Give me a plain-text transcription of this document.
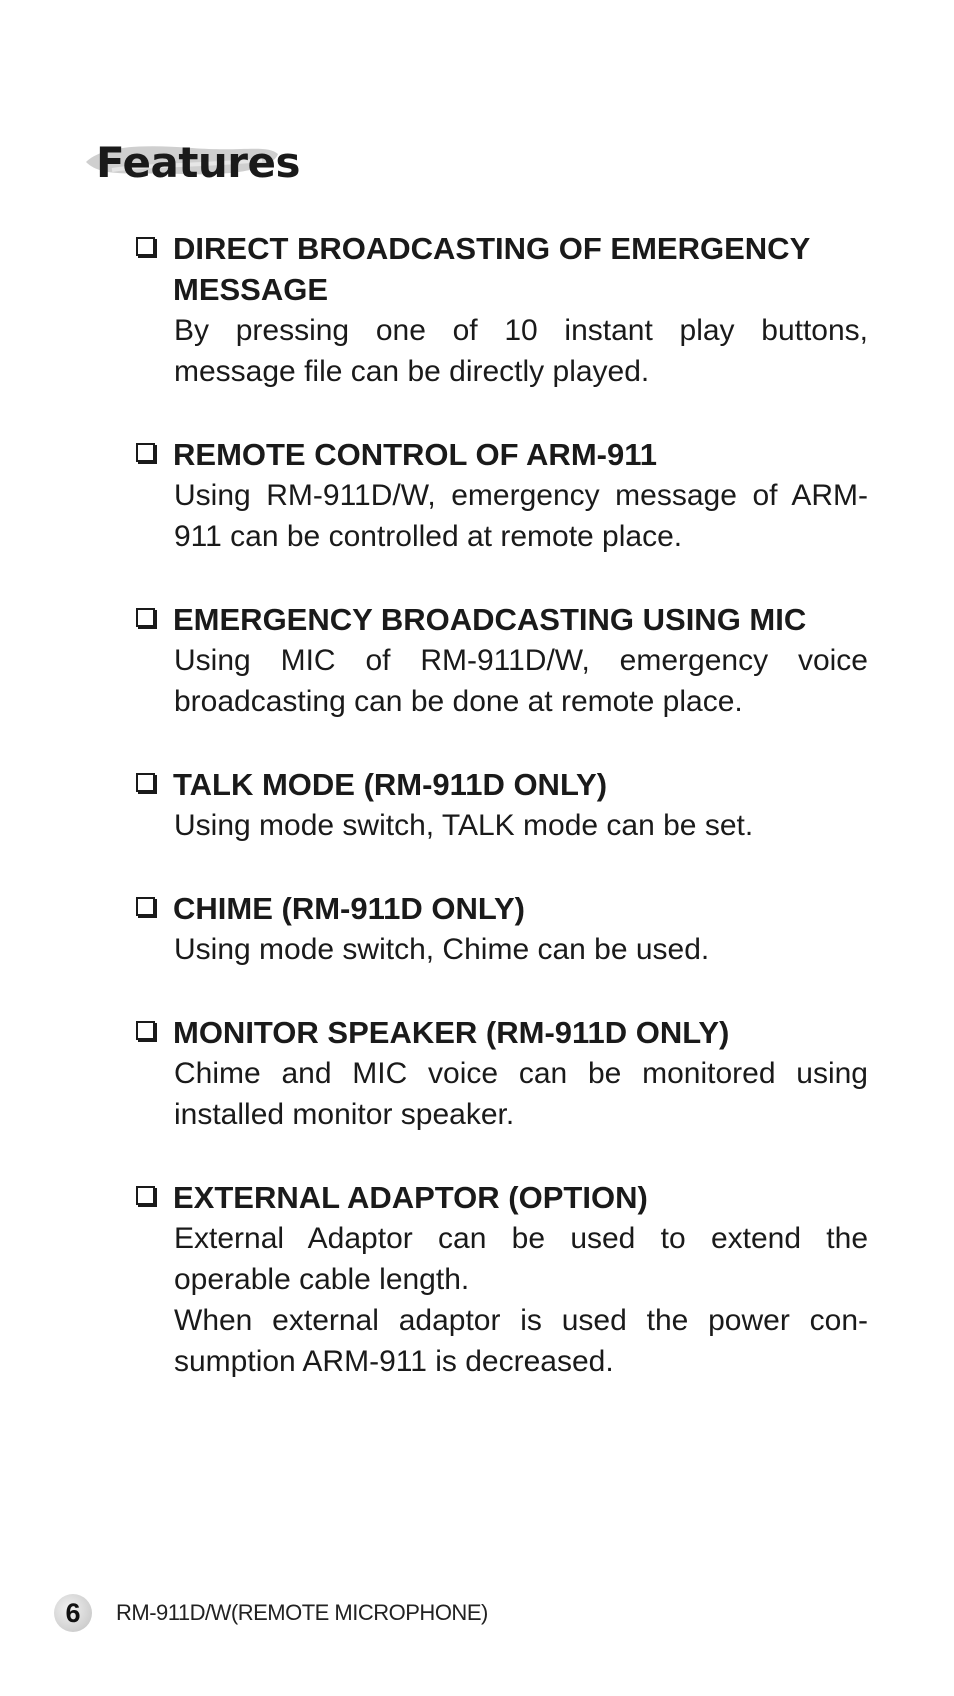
Features
DIRECT BROADCASTING OF EMERGENCY MESSAGE
By pressing one of 10 instant play buttons, message file can be directly played.
REMOTE CONTROL OF ARM-911
Using RM-911D/W, emergency message of ARM-911 can be controlled at remote place.
EMERGENCY BROADCASTING USING MIC
Using MIC of RM-911D/W, emergency voice broadcasting can be done at remote place.
TALK MODE (RM-911D ONLY)
Using mode switch, TALK mode can be set.
CHIME (RM-911D ONLY)
Using mode switch, Chime can be used.
MONITOR SPEAKER (RM-911D ONLY)
Chime and MIC voice can be monitored using installed monitor speaker.
EXTERNAL ADAPTOR (OPTION)
External Adaptor can be used to extend the operable cable length.
When external adaptor is used the power con-sumption ARM-911 is decreased.
6	RM-911D/W(REMOTE MICROPHONE)
